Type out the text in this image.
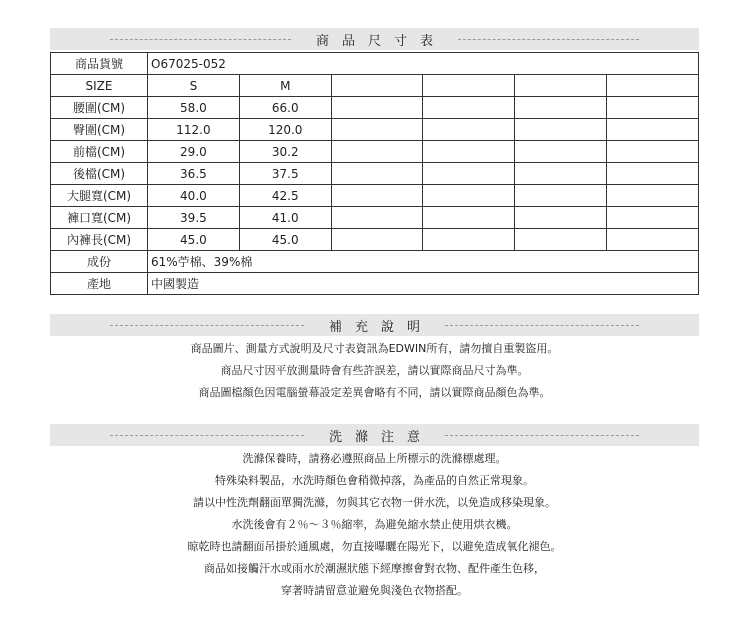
商品尺寸表
商品貨號	O67025-052					
SIZE	S	M				
腰圍(CM)	58.0	66.0				
臀圍(CM)	112.0	120.0				
前檔(CM)	29.0	30.2				
後檔(CM)	36.5	37.5				
大腿寬(CM)	40.0	42.5				
褲口寬(CM)	39.5	41.0				
內褲長(CM)	45.0	45.0				
成份	61%苧棉、39%棉					
產地	中國製造					
補充說明

商品圖片、測量方式說明及尺寸表資訊為EDWIN所有，請勿擅自重製盜用。

商品尺寸因平放測量時會有些許誤差，請以實際商品尺寸為準。

商品圖檔顏色因電腦螢幕設定差異會略有不同，請以實際商品顏色為準。

洗滌注意

洗滌保養時，請務必遵照商品上所標示的洗滌標處理。

特殊染料製品，水洗時顏色會稍微掉落，為產品的自然正常現象。

請以中性洗劑翻面單獨洗滌，勿與其它衣物一併水洗，以免造成移染現象。

水洗後會有２％～３％縮率，為避免縮水禁止使用烘衣機。

晾乾時也請翻面吊掛於通風處，勿直接曝曬在陽光下，以避免造成氧化褪色。

商品如接觸汗水或雨水於潮濕狀態下經摩擦會對衣物、配件產生色移，

穿著時請留意並避免與淺色衣物搭配。
